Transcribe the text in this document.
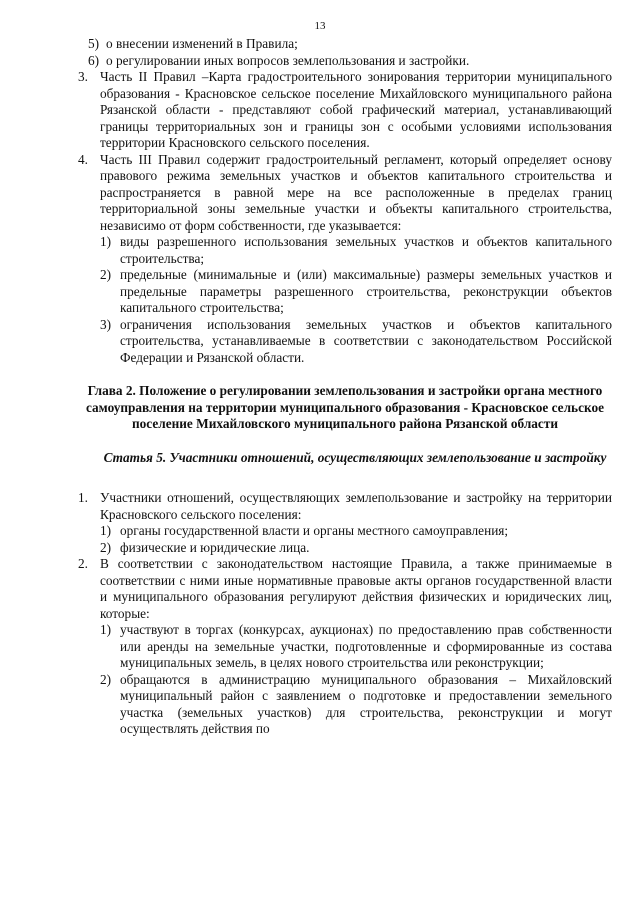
13
5) о внесении изменений в Правила;
6) о регулировании иных вопросов землепользования и застройки.
3. Часть II Правил –Карта градостроительного зонирования территории муниципального образования - Красновское сельское поселение Михайловского муниципального района Рязанской области - представляют собой графический материал, устанавливающий границы территориальных зон и границы зон с особыми условиями использования территории Красновского сельского поселения.
4. Часть III Правил содержит градостроительный регламент, который определяет основу правового режима земельных участков и объектов капитального строительства и распространяется в равной мере на все расположенные в пределах границ территориальной зоны земельные участки и объекты капитального строительства, независимо от форм собственности, где указывается:
1) виды разрешенного использования земельных участков и объектов капитального строительства;
2) предельные (минимальные и (или) максимальные) размеры земельных участков и предельные параметры разрешенного строительства, реконструкции объектов капитального строительства;
3) ограничения использования земельных участков и объектов капитального строительства, устанавливаемые в соответствии с законодательством Российской Федерации и Рязанской области.
Глава 2. Положение о регулировании землепользования и застройки органа местного самоуправления на территории муниципального образования - Красновское сельское поселение Михайловского муниципального района Рязанской области
Статья 5. Участники отношений, осуществляющих землепользование и застройку
1. Участники отношений, осуществляющих землепользование и застройку на территории Красновского сельского поселения:
1) органы государственной власти и органы местного самоуправления;
2) физические и юридические лица.
2. В соответствии с законодательством настоящие Правила, а также принимаемые в соответствии с ними иные нормативные правовые акты органов государственной власти и муниципального образования регулируют действия физических и юридических лиц, которые:
1) участвуют в торгах (конкурсах, аукционах) по предоставлению прав собственности или аренды на земельные участки, подготовленные и сформированные из состава муниципальных земель, в целях нового строительства или реконструкции;
2) обращаются в администрацию муниципального образования – Михайловский муниципальный район с заявлением о подготовке и предоставлении земельного участка (земельных участков) для строительства, реконструкции и могут осуществлять действия по
